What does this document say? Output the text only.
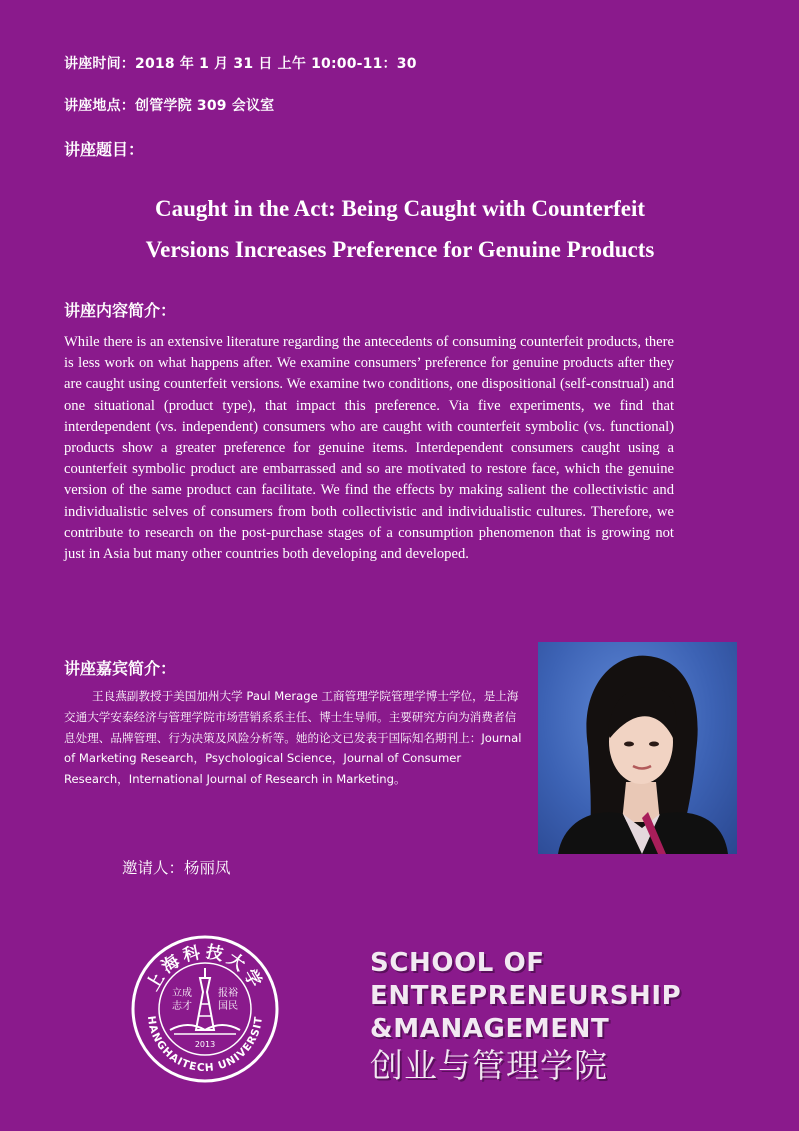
讲座时间：2018 年 1 月 31 日 上午 10:00-11：30
讲座地点：创管学院 309 会议室
讲座题目：
Caught in the Act: Being Caught with Counterfeit
Versions Increases Preference for Genuine Products
讲座内容简介：
While there is an extensive literature regarding the antecedents of consuming counterfeit products, there is less work on what happens after. We examine consumers’ preference for genuine products after they are caught using counterfeit versions. We examine two conditions, one dispositional (self-construal) and one situational (product type), that impact this preference. Via five experiments, we find that interdependent (vs. independent) consumers who are caught with counterfeit symbolic (vs. functional) products show a greater preference for genuine items. Interdependent consumers caught using a counterfeit symbolic product are embarrassed and so are motivated to restore face, which the genuine version of the same product can facilitate. We find the effects by making salient the collectivistic and individualistic selves of consumers from both collectivistic and individualistic cultures. Therefore, we contribute to research on the post-purchase stages of a consumption phenomenon that is growing not just in Asia but many other countries both developing and developed.
讲座嘉宾简介：
王良燕副教授于美国加州大学 Paul Merage 工商管理学院管理学博士学位，是上海交通大学安泰经济与管理学院市场营销系系主任、博士生导师。主要研究方向为消费者信息处理、品牌管理、行为决策及风险分析等。她的论文已发表于国际知名期刊上：Journal of Marketing Research，Psychological Science，Journal of Consumer Research，International Journal of Research in Marketing。
邀请人：杨丽凤
上海科技大学
HANGHAITECH UNIVERSIT
立成
志才
报裕
国民
2013
SCHOOL OF
ENTREPRENEURSHIP
&MANAGEMENT
创业与管理学院
